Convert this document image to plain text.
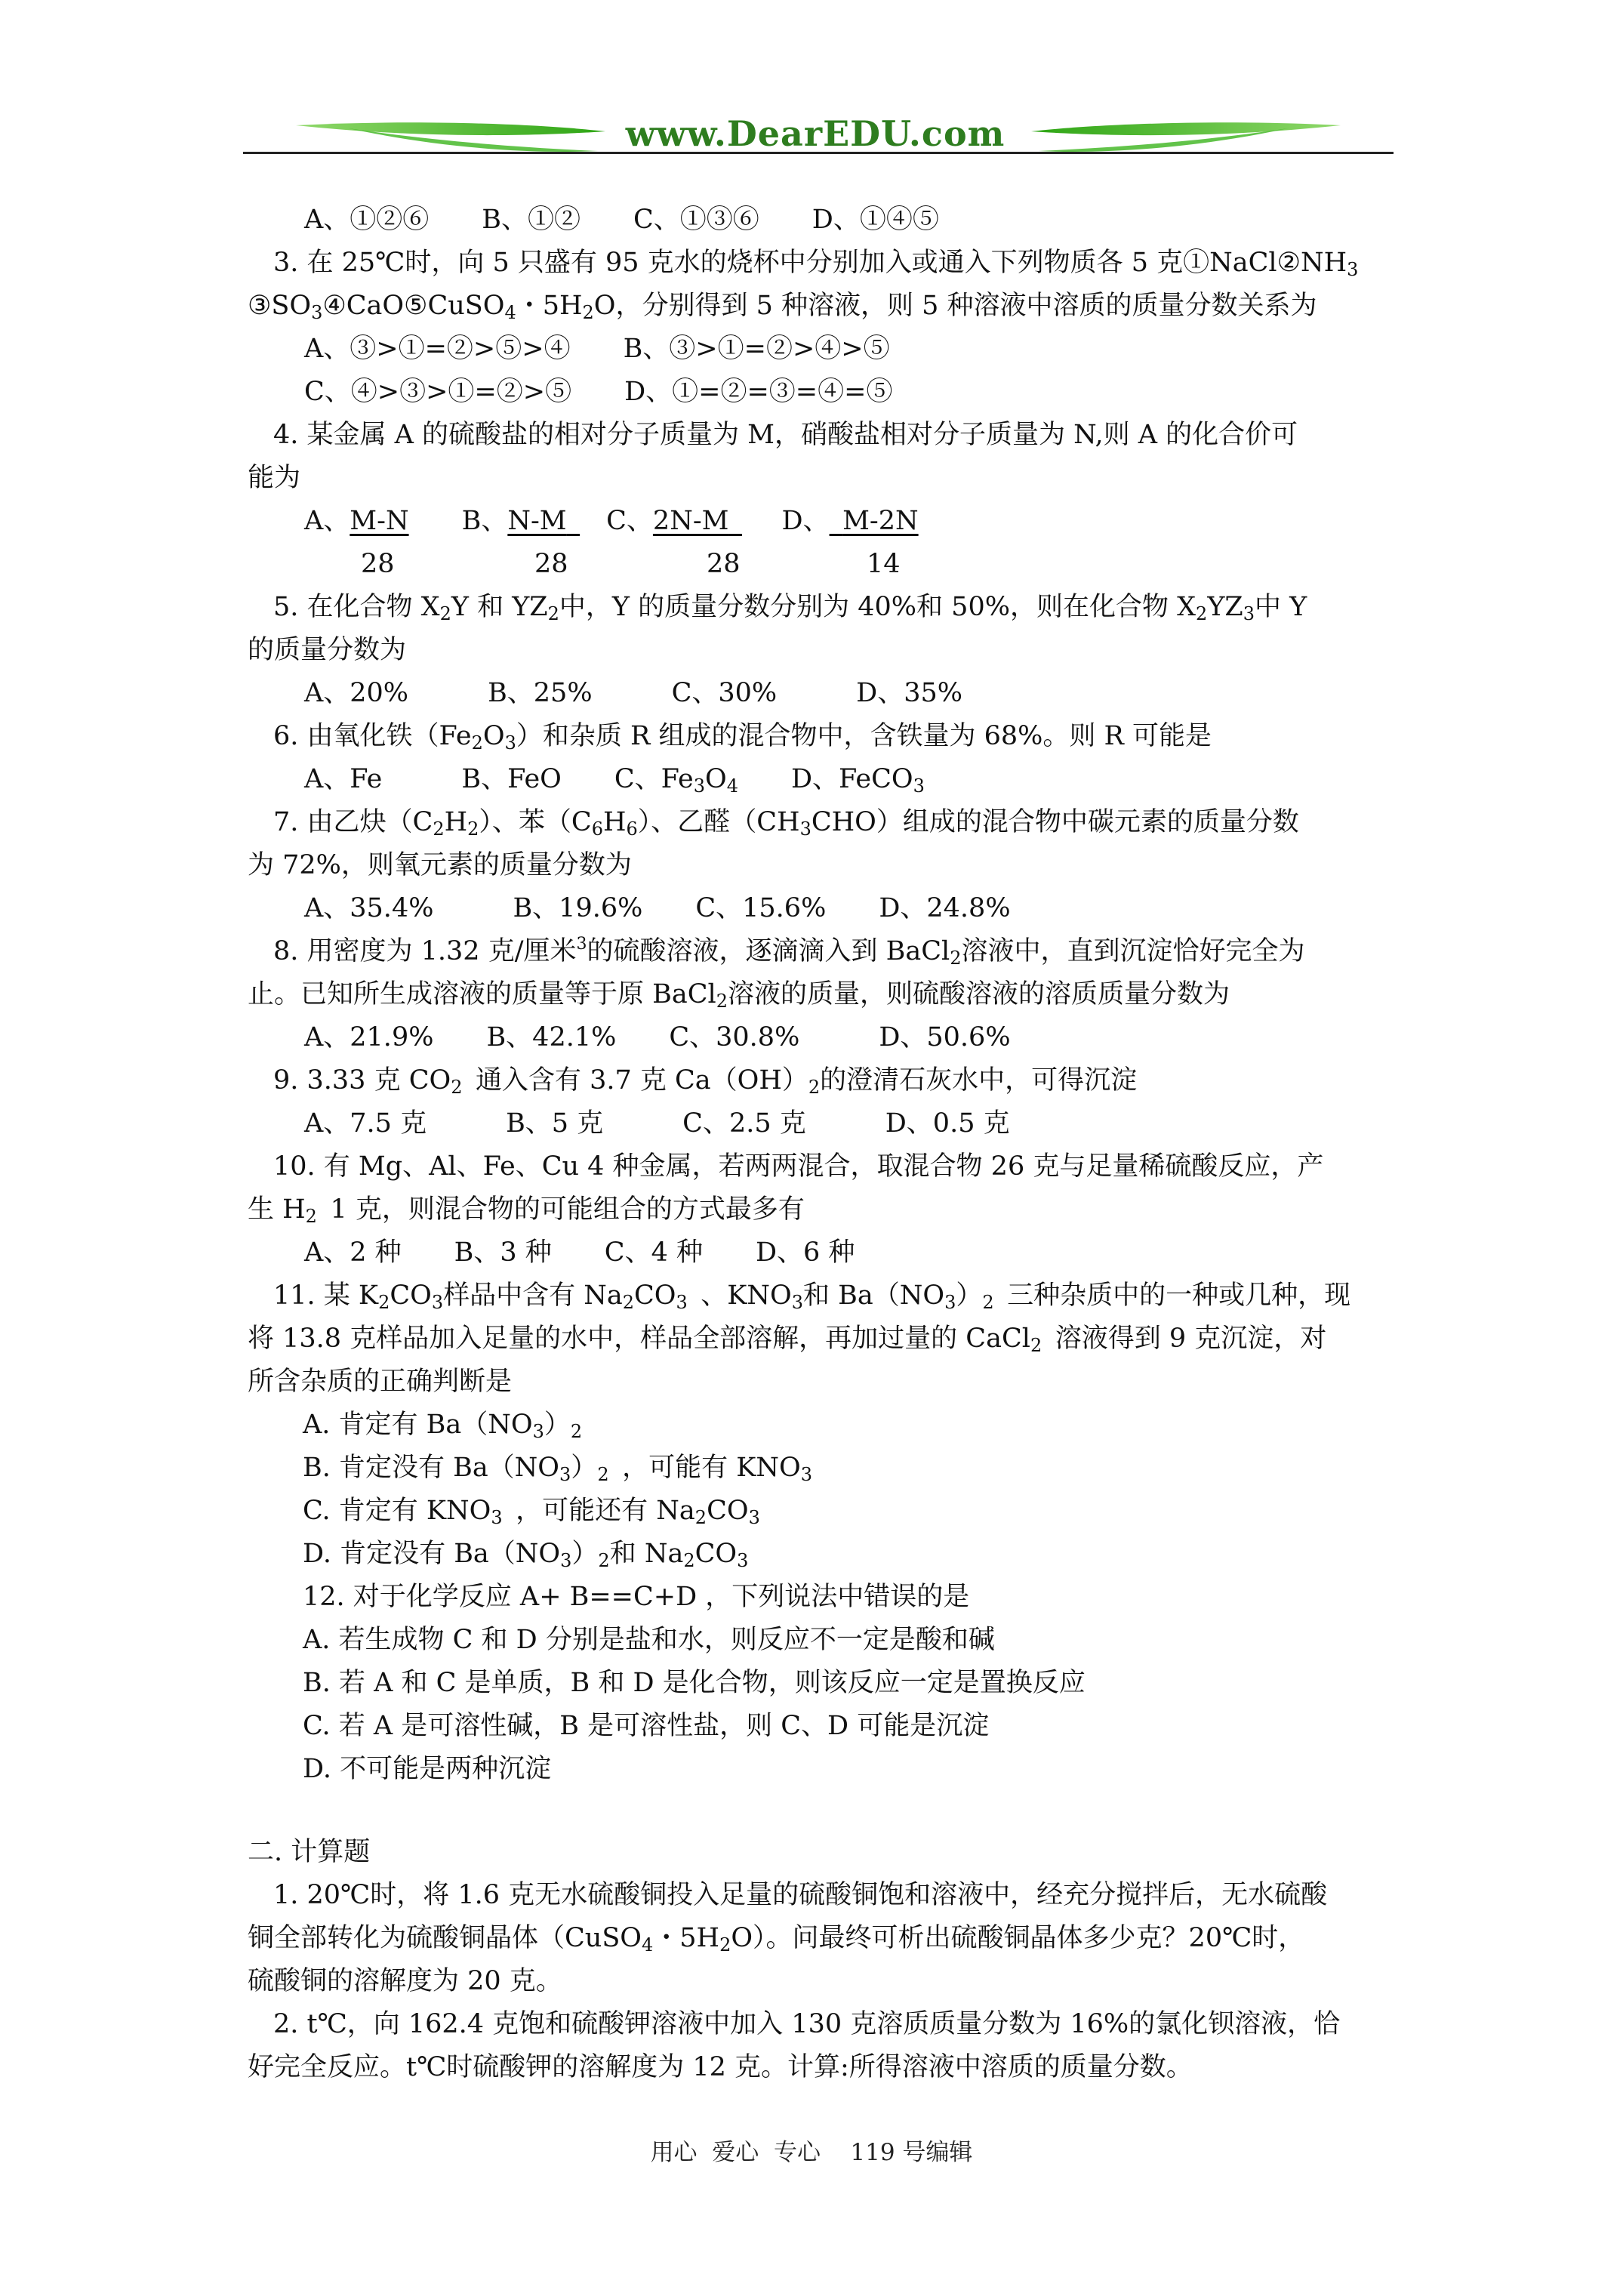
www.DearEDU.com
A、①②⑥　　B、①②　　C、①③⑥　　D、①④⑤
3. 在 25℃时，向 5 只盛有 95 克水的烧杯中分别加入或通入下列物质各 5 克$①NaCl②NH_3$
$③SO_3④CaO⑤CuSO_4$・$5H_2O$，分别得到 5 种溶液，则 5 种溶液中溶质的质量分数关系为
A、③>①=②>⑤>④　　B、③>①=②>④>⑤
C、④>③>①=②>⑤　　D、①=②=③=④=⑤
4. 某金属 A 的硫酸盐的相对分子质量为 M，硝酸盐相对分子质量为 N,则 A 的化合价可
能为
A、M-N　　 B、N-M 　 C、2N-M  　 D、  M-2N
28	28	28	14
5. 在化合物 $X_2Y$ 和 $YZ_2$中，Y 的质量分数分别为 40%和 50%，则在化合物 $X_2YZ_3$中 Y
的质量分数为
A、20%　　　B、25%　　　C、30%　　　D、35%
6. 由氧化铁$(Fe_2O_3)$和杂质 R 组成的混合物中，含铁量为 68%。则 R 可能是
A、Fe　　　B、FeO　　C、$Fe_3O_4$　　D、FeCO$_3$
7. 由乙炔$(C_2H_2)$、苯$(C_6H_6)$、乙醛$(CH_3CHO)$组成的混合物中碳元素的质量分数
为 72%，则氧元素的质量分数为
A、35.4%　　　B、19.6%　　C、15.6%　　D、24.8%
8. 用密度为 1.32 克/厘米$^3$的硫酸溶液，逐滴滴入到 BaCl$_2$溶液中，直到沉淀恰好完全为
止。已知所生成溶液的质量等于原 BaCl$_2$溶液的质量，则硫酸溶液的溶质质量分数为
A、21.9%　　B、42.1%　　C、30.8%　　　D、50.6%
9. 3.33 克 $CO_2$  通入含有 3.7 克 $Ca(OH)_2$的澄清石灰水中，可得沉淀
A、7.5 克　　　B、5 克　　　C、2.5 克　　　D、0.5 克
10. 有 Mg、Al、Fe、Cu 4 种金属，若两两混合，取混合物 26 克与足量稀硫酸反应，产
生 $H_2$  1 克，则混合物的可能组合的方式最多有
A、2 种　　B、3 种　　C、4 种　　D、6 种
11. 某 $K_2CO_3$样品中含有 $Na_2CO_3$  、$KNO_3$和 $Ba(NO_3)_2$  三种杂质中的一种或几种，现
将 13.8 克样品加入足量的水中，样品全部溶解，再加过量的 CaCl$_2$  溶液得到 9 克沉淀，对
所含杂质的正确判断是
A. 肯定有 $Ba(NO_3)_2$
B. 肯定没有 $Ba(NO_3)_2$  ，可能有 $KNO_3$
C. 肯定有 $KNO_3$  ，可能还有 $Na_2CO_3$
D. 肯定没有 $Ba(NO_3)_2$和 $Na_2CO_3$
12. 对于化学反应 A+ B==C+D ，下列说法中错误的是
A. 若生成物 C 和 D 分别是盐和水，则反应不一定是酸和碱
B. 若 A 和 C 是单质，B 和 D 是化合物，则该反应一定是置换反应
C. 若 A 是可溶性碱，B 是可溶性盐，则 C、D 可能是沉淀
D. 不可能是两种沉淀
二. 计算题
1. 20℃时，将 1.6 克无水硫酸铜投入足量的硫酸铜饱和溶液中，经充分搅拌后，无水硫酸
铜全部转化为硫酸铜晶体（CuSO$_4$・$5H_2O$）。问最终可析出硫酸铜晶体多少克？20℃时，
硫酸铜的溶解度为 20 克。
2. t℃，向 162.4 克饱和硫酸钾溶液中加入 130 克溶质质量分数为 16%的氯化钡溶液，恰
好完全反应。t℃时硫酸钾的溶解度为 12 克。计算:所得溶液中溶质的质量分数。
用心  爱心  专心    119 号编辑
